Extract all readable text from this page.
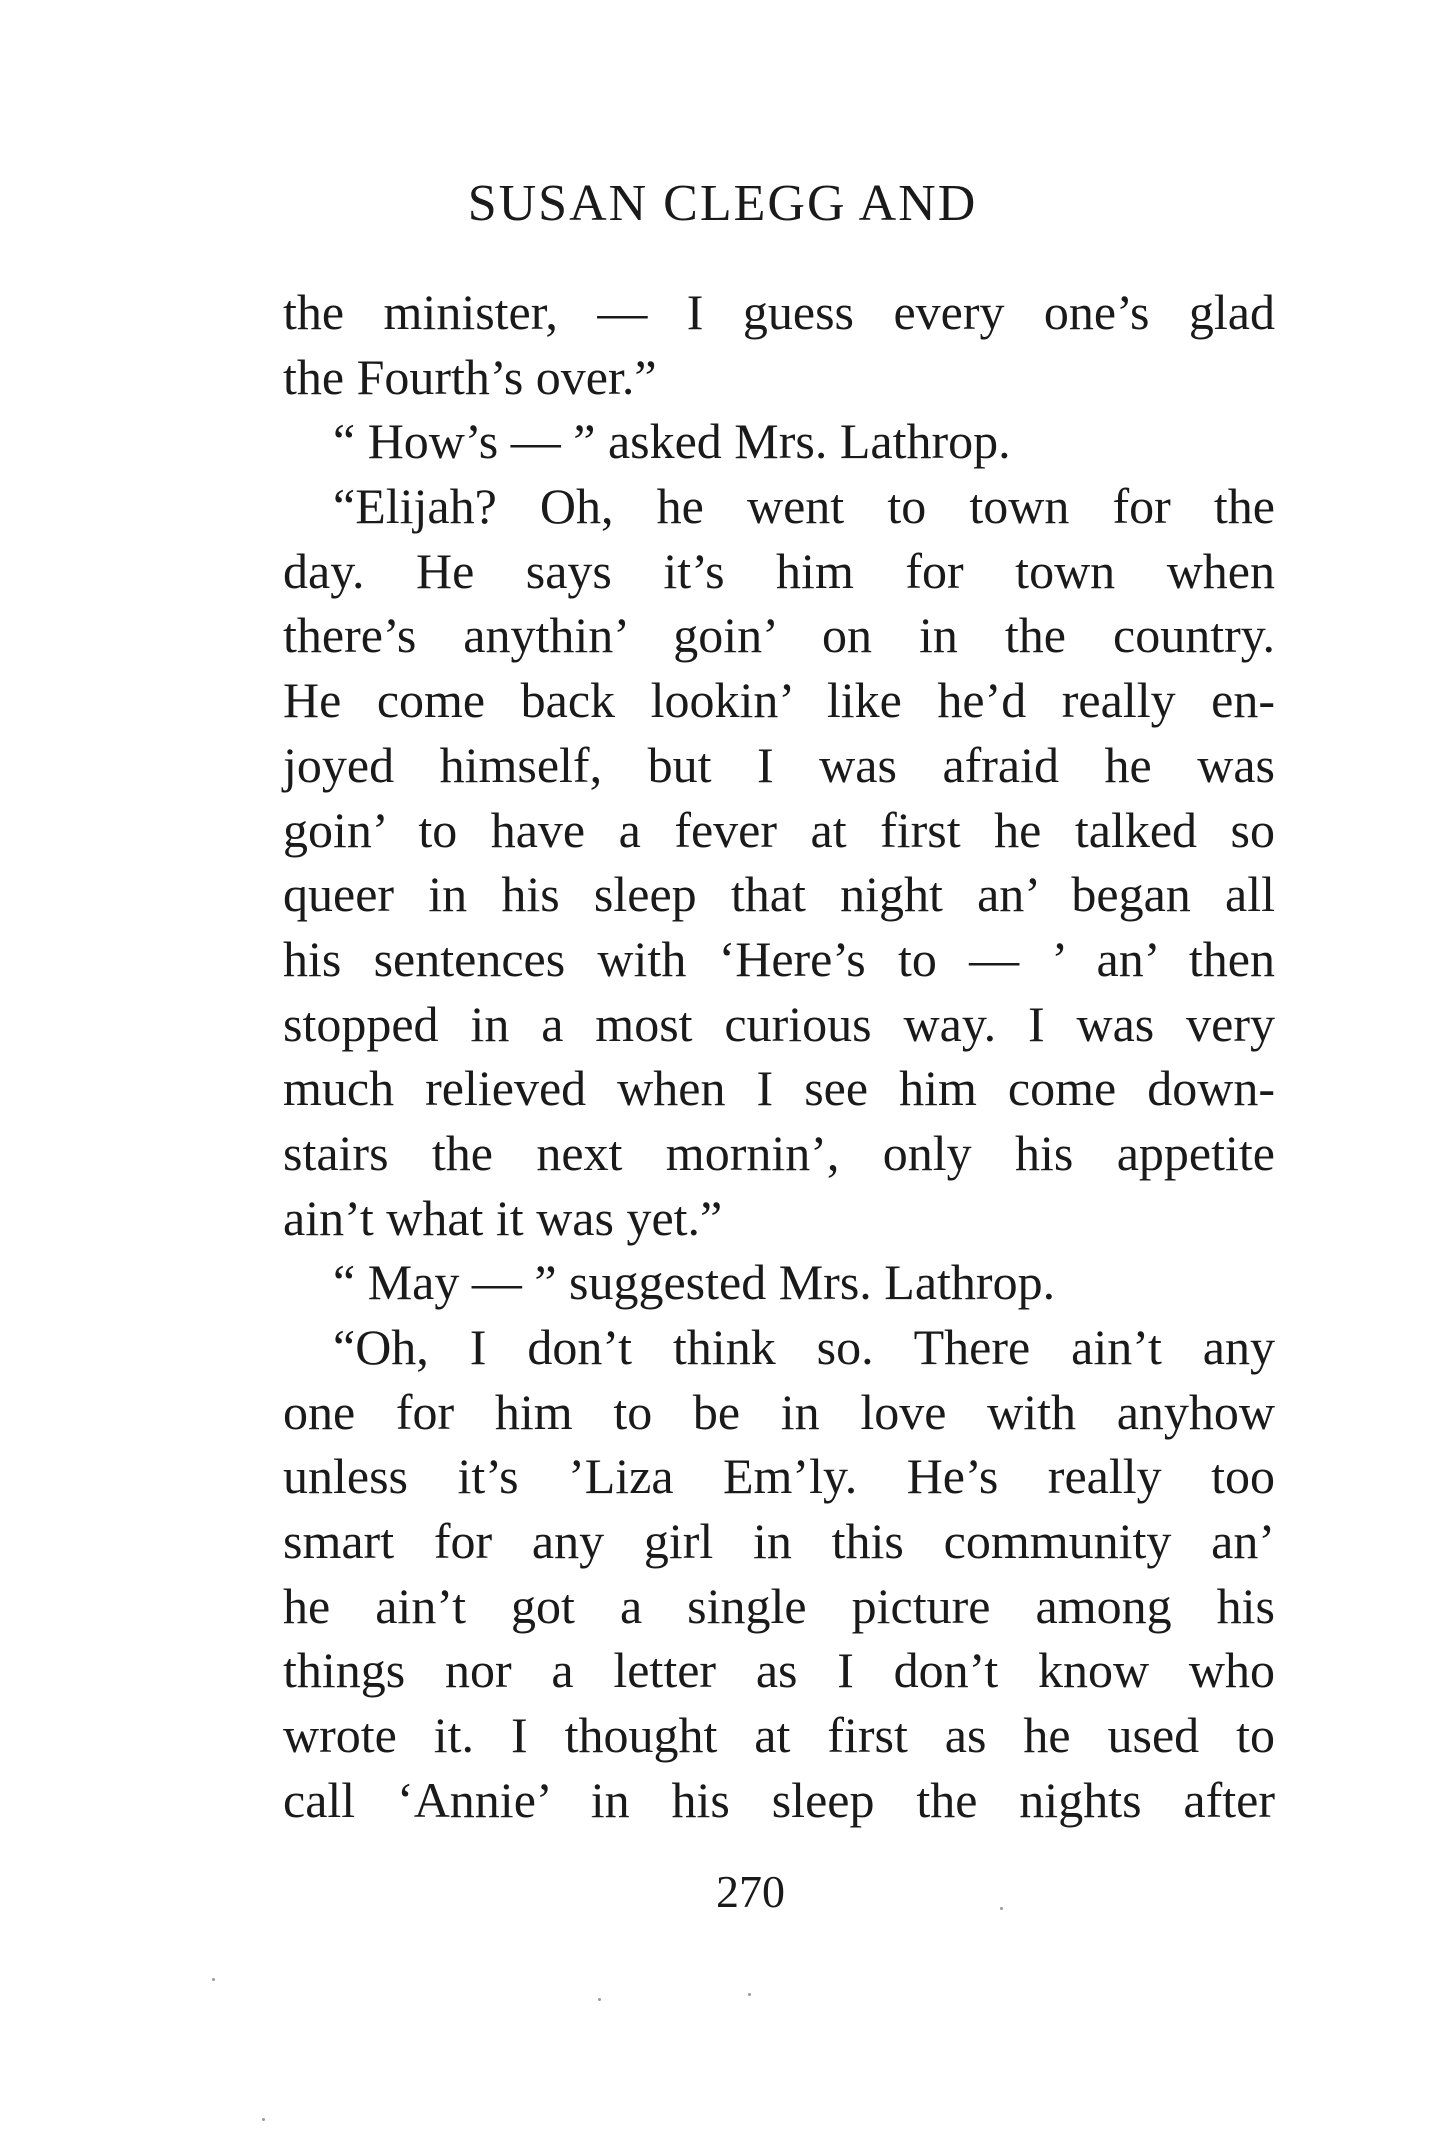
SUSAN CLEGG AND
the minister, — I guess every one’s glad
the Fourth’s over.”
“ How’s — ” asked Mrs. Lathrop.
“Elijah? Oh, he went to town for the
day. He says it’s him for town when
there’s anythin’ goin’ on in the country.
He come back lookin’ like he’d really en-
joyed himself, but I was afraid he was
goin’ to have a fever at first he talked so
queer in his sleep that night an’ began all
his sentences with ‘Here’s to — ’ an’ then
stopped in a most curious way. I was very
much relieved when I see him come down-
stairs the next mornin’, only his appetite
ain’t what it was yet.”
“ May — ” suggested Mrs. Lathrop.
“Oh, I don’t think so. There ain’t any
one for him to be in love with anyhow
unless it’s ’Liza Em’ly. He’s really too
smart for any girl in this community an’
he ain’t got a single picture among his
things nor a letter as I don’t know who
wrote it. I thought at first as he used to
call ‘Annie’ in his sleep the nights after
270
